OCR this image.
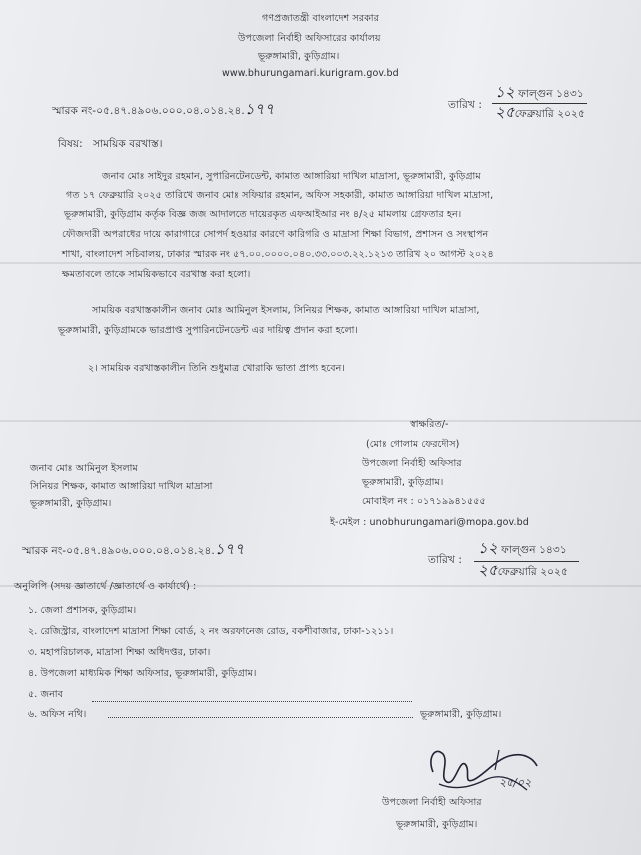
গণপ্রজাতন্ত্রী বাংলাদেশ সরকার
উপজেলা নির্বাহী অফিসারের কার্যালয়
ভূরুঙ্গামারী, কুড়িগ্রাম।
www.bhurungamari.kurigram.gov.bd
স্মারক নং-০৫.৪৭.৪৯০৬.০০০.০৪.০১৪.২৪.১৭৭	তারিখ :
১২ ফাল্গুন ১৪৩১
২৫ফেব্রুয়ারি ২০২৫
বিষয়: সাময়িক বরখাস্ত।
জনাব মোঃ সাইদুর রহমান, সুপারিনটেনডেন্ট, কামাত আঙ্গারিয়া দাখিল মাদ্রাসা, ভূরুঙ্গামারী, কুড়িগ্রাম
গত ১৭ ফেব্রুয়ারি ২০২৫ তারিখে জনাব মোঃ সফিয়ার রহমান, অফিস সহকারী, কামাত আঙ্গারিয়া দাখিল মাদ্রাসা,
ভূরুঙ্গামারী, কুড়িগ্রাম কর্তৃক বিজ্ঞ জজ আদালতে দায়েরকৃত এফআইআর নং ৪/২৫ মামলায় গ্রেফতার হন।
ফৌজদারী অপরাধের দায়ে কারাগারে সোপর্দ হওয়ার কারণে কারিগরি ও মাদ্রাসা শিক্ষা বিভাগ, প্রশাসন ও সংস্থাপন
শাখা, বাংলাদেশ সচিবালয়, ঢাকার স্মারক নং ৫৭.০০.০০০০.০৪০.৩৩.০০৩.২২.১২১৩ তারিখ ২০ আগস্ট ২০২৪
ক্ষমতাবলে তাকে সাময়িকভাবে বরখাস্ত করা হলো।
সাময়িক বরখাস্তকালীন জনাব মোঃ আমিনুল ইসলাম, সিনিয়র শিক্ষক, কামাত আঙ্গারিয়া দাখিল মাদ্রাসা,
ভূরুঙ্গামারী, কুড়িগ্রামকে ভারপ্রাপ্ত সুপারিনটেনডেন্ট এর দায়িত্ব প্রদান করা হলো।
২। সাময়িক বরখাস্তকালীন তিনি শুধুমাত্র খোরাকি ভাতা প্রাপ্য হবেন।
স্বাক্ষরিত/-
(মোঃ গোলাম ফেরদৌস)
উপজেলা নির্বাহী অফিসার
ভূরুঙ্গামারী, কুড়িগ্রাম।
মোবাইল নং : ০১৭১৯৯৪১৫৫৫
ই-মেইল : unobhurungamari@mopa.gov.bd
জনাব মোঃ আমিনুল ইসলাম
সিনিয়র শিক্ষক, কামাত আঙ্গারিয়া দাখিল মাদ্রাসা
ভূরুঙ্গামারী, কুড়িগ্রাম।
স্মারক নং-০৫.৪৭.৪৯০৬.০০০.০৪.০১৪.২৪.১৭৭
তারিখ :
১২ ফাল্গুন ১৪৩১
২৫ফেব্রুয়ারি ২০২৫
অনুলিপি (সদয় জ্ঞাতার্থে /জ্ঞাতার্থে ও কার্যার্থে) :
১. জেলা প্রশাসক, কুড়িগ্রাম।
২. রেজিস্ট্রার, বাংলাদেশ মাদ্রাসা শিক্ষা বোর্ড, ২ নং অরফানেজ রোড, বকশীবাজার, ঢাকা-১২১১।
৩. মহাপরিচালক, মাদ্রাসা শিক্ষা অধিদপ্তর, ঢাকা।
৪. উপজেলা মাধ্যমিক শিক্ষা অফিসার, ভূরুঙ্গামারী, কুড়িগ্রাম।
৫. জনাব
৬. অফিস নথি।	ভূরুঙ্গামারী, কুড়িগ্রাম।
২৫/০২
উপজেলা নির্বাহী অফিসার
ভূরুঙ্গামারী, কুড়িগ্রাম।
